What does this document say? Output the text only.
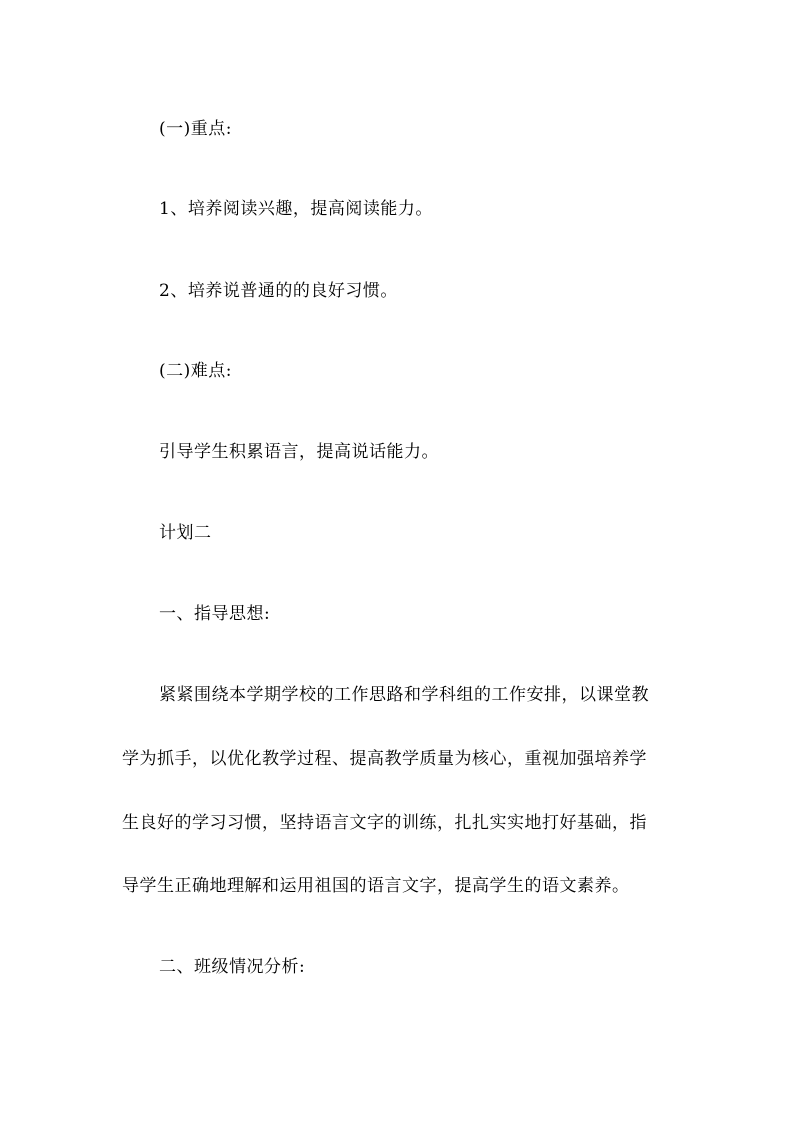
(一)重点:
1、培养阅读兴趣，提高阅读能力。
2、培养说普通的的良好习惯。
(二)难点:
引导学生积累语言，提高说话能力。
计划二
一、指导思想:
紧紧围绕本学期学校的工作思路和学科组的工作安排，以课堂教
学为抓手，以优化教学过程、提高教学质量为核心，重视加强培养学
生良好的学习习惯，坚持语言文字的训练，扎扎实实地打好基础，指
导学生正确地理解和运用祖国的语言文字，提高学生的语文素养。
二、班级情况分析:
